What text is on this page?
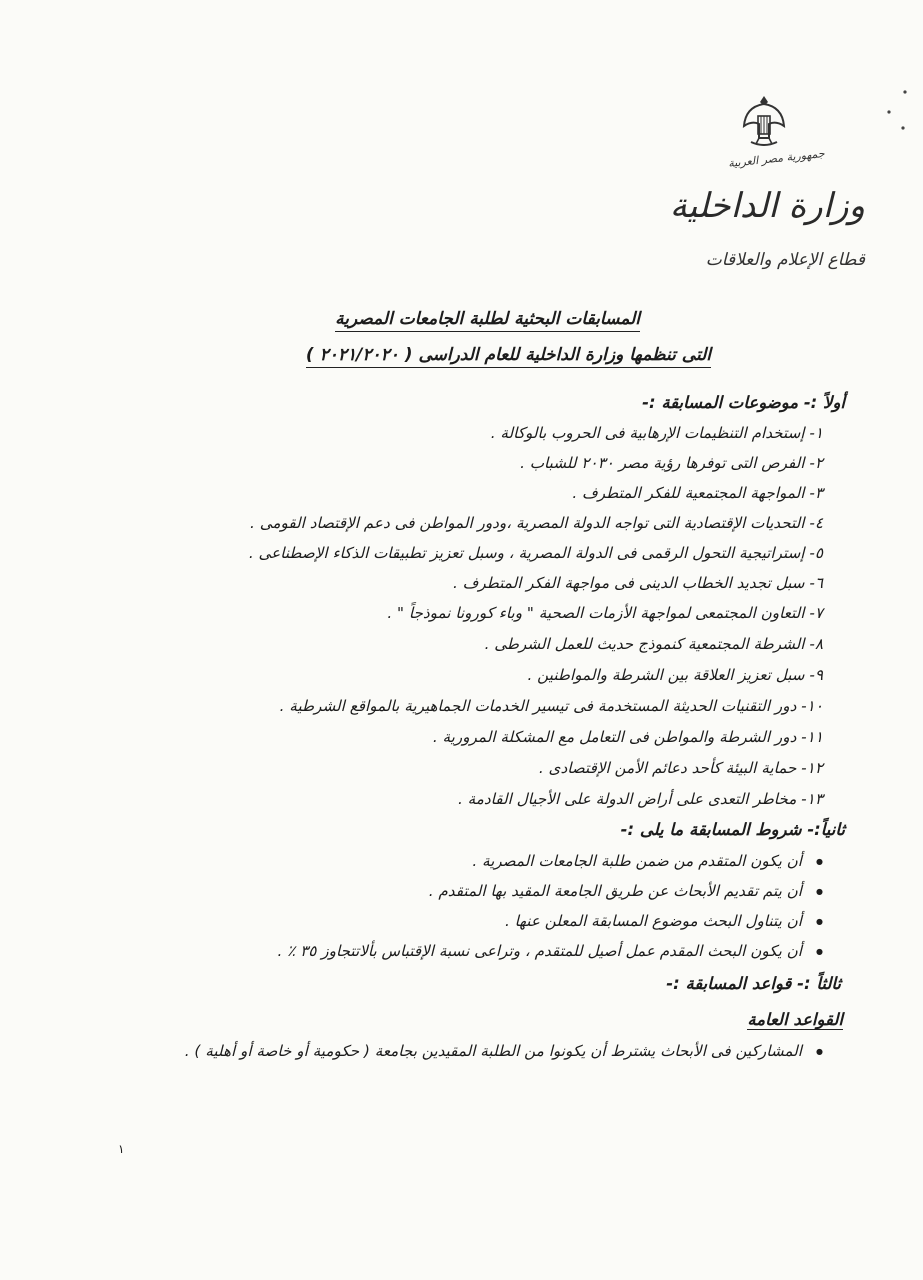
جمهورية مصر العربية
وزارة الداخلية
قطاع الإعلام والعلاقات
المسابقات البحثية لطلبة الجامعات المصرية
التى تنظمها وزارة الداخلية للعام الدراسى ( ٢٠٢١/٢٠٢٠ )
أولاً :- موضوعات المسابقة :-
١- إستخدام التنظيمات الإرهابية فى الحروب بالوكالة .
٢- الفرص التى توفرها رؤية مصر ٢٠٣٠ للشباب .
٣- المواجهة المجتمعية للفكر المتطرف .
٤- التحديات الإقتصادية التى تواجه الدولة المصرية ،ودور المواطن فى دعم الإقتصاد القومى .
٥- إستراتيجية التحول الرقمى فى الدولة المصرية ، وسبل تعزيز تطبيقات الذكاء الإصطناعى .
٦- سبل تجديد الخطاب الدينى فى مواجهة الفكر المتطرف .
٧- التعاون المجتمعى لمواجهة الأزمات الصحية " وباء كورونا نموذجاً " .
٨- الشرطة المجتمعية كنموذج حديث للعمل الشرطى .
٩- سبل تعزيز العلاقة بين الشرطة والمواطنين .
١٠- دور التقنيات الحديثة المستخدمة فى تيسير الخدمات الجماهيرية بالمواقع الشرطية .
١١- دور الشرطة والمواطن فى التعامل مع المشكلة المرورية .
١٢- حماية البيئة كأحد دعائم الأمن الإقتصادى .
١٣- مخاطر التعدى على أراض الدولة على الأجيال القادمة .
ثانياً:- شروط المسابقة ما يلى :-
● أن يكون المتقدم من ضمن طلبة الجامعات المصرية .
● أن يتم تقديم الأبحاث عن طريق الجامعة المقيد بها المتقدم .
● أن يتناول البحث موضوع المسابقة المعلن عنها .
● أن يكون البحث المقدم عمل أصيل للمتقدم ، وتراعى نسبة الإقتباس بألاتتجاوز ٣٥ ٪ .
ثالثاً :- قواعد المسابقة :-
القواعد العامة
● المشاركين فى الأبحاث يشترط أن يكونوا من الطلبة المقيدين بجامعة ( حكومية أو خاصة أو أهلية ) .
١
